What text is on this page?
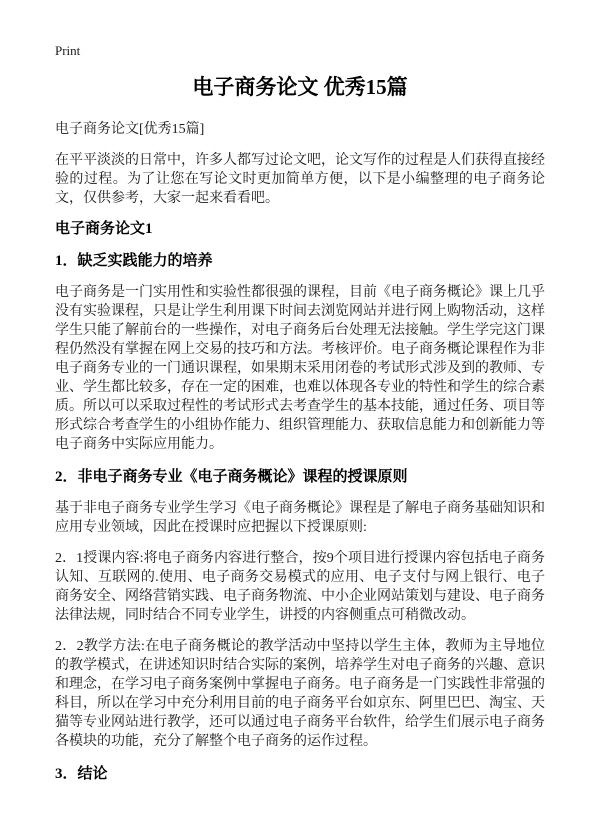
Print
电子商务论文 优秀15篇

电子商务论文[优秀15篇]

在平平淡淡的日常中，许多人都写过论文吧，论文写作的过程是人们获得直接经验的过程。为了让您在写论文时更加简单方便，以下是小编整理的电子商务论文，仅供参考，大家一起来看看吧。

电子商务论文1
1．缺乏实践能力的培养

电子商务是一门实用性和实验性都很强的课程，目前《电子商务概论》课上几乎没有实验课程，只是让学生利用课下时间去浏览网站并进行网上购物活动，这样学生只能了解前台的一些操作，对电子商务后台处理无法接触。学生学完这门课程仍然没有掌握在网上交易的技巧和方法。考核评价。电子商务概论课程作为非电子商务专业的一门通识课程，如果期末采用闭卷的考试形式涉及到的教师、专业、学生都比较多，存在一定的困难，也难以体现各专业的特性和学生的综合素质。所以可以采取过程性的考试形式去考查学生的基本技能，通过任务、项目等形式综合考查学生的小组协作能力、组织管理能力、获取信息能力和创新能力等电子商务中实际应用能力。

2．非电子商务专业《电子商务概论》课程的授课原则

基于非电子商务专业学生学习《电子商务概论》课程是了解电子商务基础知识和应用专业领域，因此在授课时应把握以下授课原则:

2．1授课内容:将电子商务内容进行整合，按9个项目进行授课内容包括电子商务认知、互联网的.使用、电子商务交易模式的应用、电子支付与网上银行、电子商务安全、网络营销实践、电子商务物流、中小企业网站策划与建设、电子商务法律法规，同时结合不同专业学生，讲授的内容侧重点可稍微改动。

2．2教学方法:在电子商务概论的教学活动中坚持以学生主体，教师为主导地位的教学模式，在讲述知识时结合实际的案例，培养学生对电子商务的兴趣、意识和理念，在学习电子商务案例中掌握电子商务。电子商务是一门实践性非常强的科目，所以在学习中充分利用目前的电子商务平台如京东、阿里巴巴、淘宝、天猫等专业网站进行教学，还可以通过电子商务平台软件，给学生们展示电子商务各模块的功能，充分了解整个电子商务的运作过程。

3．结论
